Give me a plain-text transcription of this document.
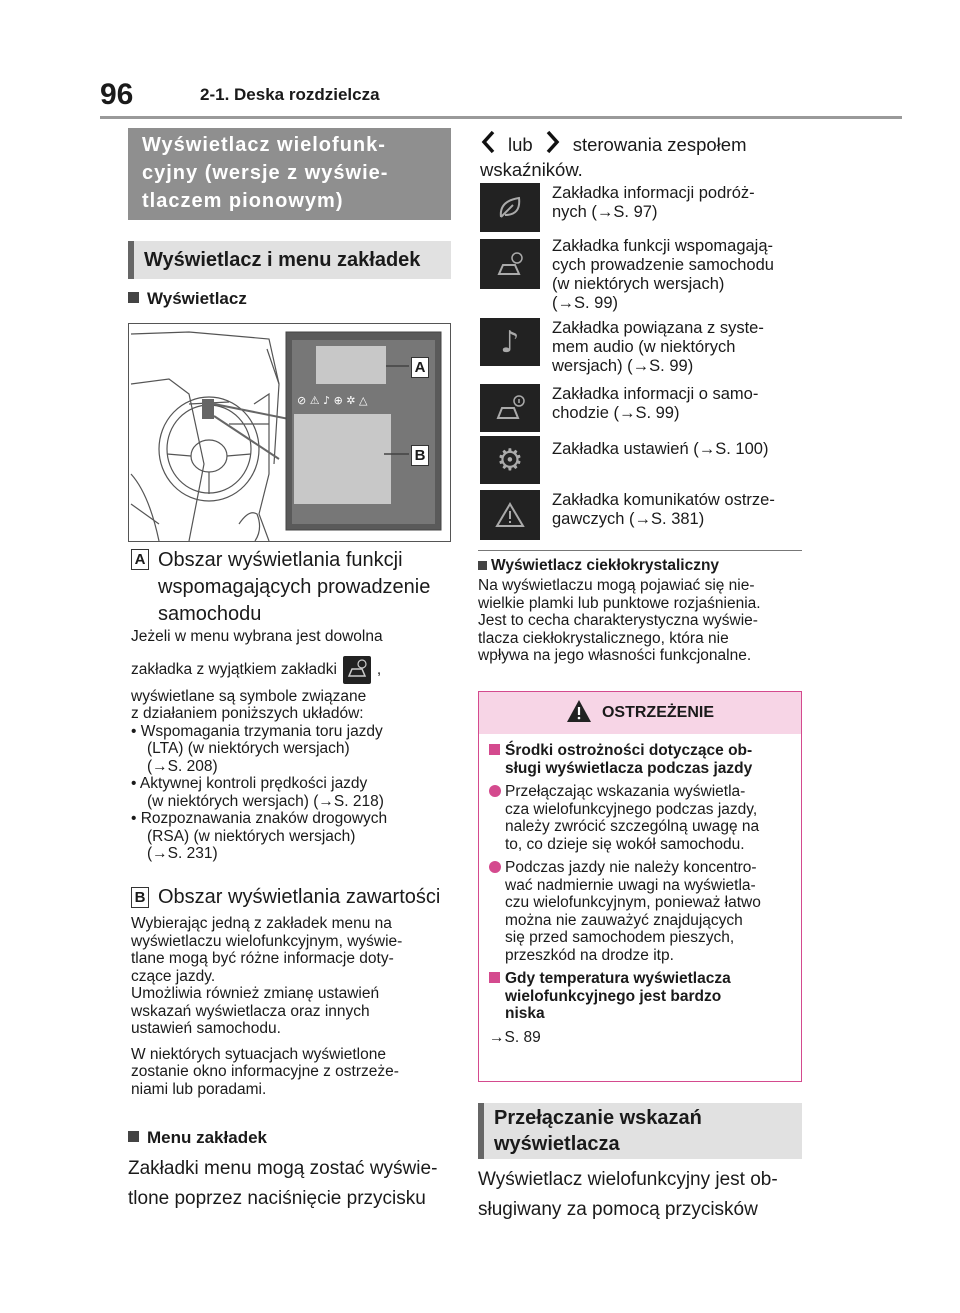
96	2-1. Deska rozdzielcza
Wyświetlacz wielofunk-
cyjny (wersje z wyświe-
tlaczem pionowym)
Wyświetlacz i menu zakładek
Wyświetlacz
⊘ ⚠ ♪ ⊕ ✲ △
A
B
A Obszar wyświetlania funkcji
wspomagających prowadzenie
samochodu
Jeżeli w menu wybrana jest dowolna
zakładka z wyjątkiem zakładki	,
wyświetlane są symbole związane
z działaniem poniższych układów:
• Wspomagania trzymania toru jazdy
(LTA) (w niektórych wersjach)
(→S. 208)
• Aktywnej kontroli prędkości jazdy
(w niektórych wersjach) (→S. 218)
• Rozpoznawania znaków drogowych
(RSA) (w niektórych wersjach)
(→S. 231)
B Obszar wyświetlania zawartości
Wybierając jedną z zakładek menu na
wyświetlaczu wielofunkcyjnym, wyświe-
tlane mogą być różne informacje doty-
czące jazdy.
Umożliwia również zmianę ustawień
wskazań wyświetlacza oraz innych
ustawień samochodu.
W niektórych sytuacjach wyświetlone
zostanie okno informacyjne z ostrzeże-
niami lub poradami.
Menu zakładek
Zakładki menu mogą zostać wyświe-
tlone poprzez naciśnięcie przycisku
lub sterowania zespołem
wskaźników.
Zakładka informacji podróż-
nych (→S. 97)
Zakładka funkcji wspomagają-
cych prowadzenie samochodu
(w niektórych wersjach)
(→S. 99)
♪ Zakładka powiązana z syste-
mem audio (w niektórych
wersjach) (→S. 99)
Zakładka informacji o samo-
chodzie (→S. 99)
⚙ Zakładka ustawień (→S. 100)
Zakładka komunikatów ostrze-
gawczych (→S. 381)
Wyświetlacz ciekłokrystaliczny
Na wyświetlaczu mogą pojawiać się nie-
wielkie plamki lub punktowe rozjaśnienia.
Jest to cecha charakterystyczna wyświe-
tlacza ciekłokrystalicznego, która nie
wpływa na jego własności funkcjonalne.
OSTRZEŻENIE
Środki ostrożności dotyczące ob-
sługi wyświetlacza podczas jazdy
Przełączając wskazania wyświetla-
cza wielofunkcyjnego podczas jazdy,
należy zwrócić szczególną uwagę na
to, co dzieje się wokół samochodu.
Podczas jazdy nie należy koncentro-
wać nadmiernie uwagi na wyświetla-
czu wielofunkcyjnym, ponieważ łatwo
można nie zauważyć znajdujących
się przed samochodem pieszych,
przeszkód na drodze itp.
Gdy temperatura wyświetlacza
wielofunkcyjnego jest bardzo
niska
→S. 89
Przełączanie wskazań
wyświetlacza
Wyświetlacz wielofunkcyjny jest ob-
sługiwany za pomocą przycisków
